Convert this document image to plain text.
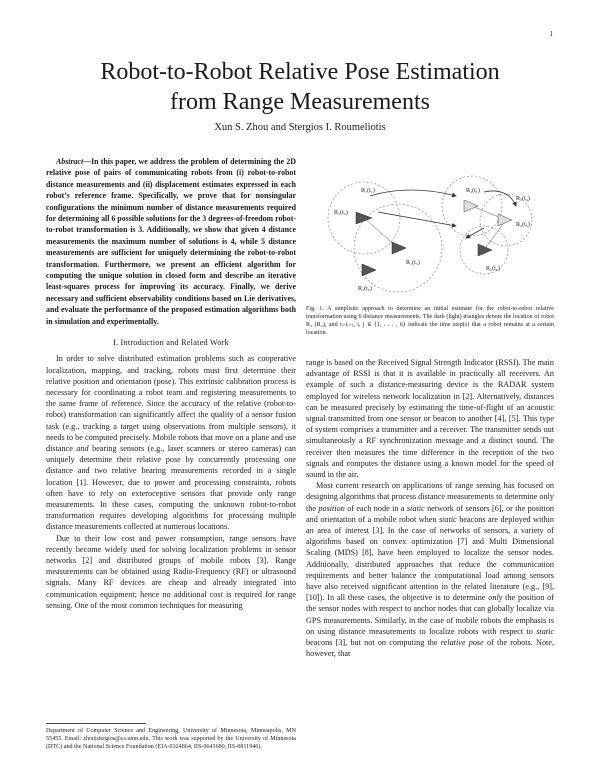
1
Robot-to-Robot Relative Pose Estimation
from Range Measurements
Xun S. Zhou and Stergios I. Roumeliotis

Abstract—In this paper, we address the problem of determining the 2D relative pose of pairs of communicating robots from (i) robot-to-robot distance measurements and (ii) displacement estimates expressed in each robot’s reference frame. Specifically, we prove that for nonsingular configurations the minimum number of distance measurements required for determining all 6 possible solutions for the 3 degrees-of-freedom robot-to-robot transformation is 3. Additionally, we show that given 4 distance measurements the maximum number of solutions is 4, while 5 distance measurements are sufficient for uniquely determining the robot-to-robot transformation. Furthermore, we present an efficient algorithm for computing the unique solution in closed form and describe an iterative least-squares process for improving its accuracy. Finally, we derive necessary and sufficient observability conditions based on Lie derivatives, and evaluate the performance of the proposed estimation algorithms both in simulation and experimentally.

I. Introduction and Related Work

In order to solve distributed estimation problems such as cooperative localization, mapping, and tracking, robots must first determine their relative position and orientation (pose). This extrinsic calibration process is necessary for coordinating a robot team and registering measurements to the same frame of reference. Since the accuracy of the relative (robot-to-robot) transformation can significantly affect the quality of a sensor fusion task (e.g., tracking a target using observations from multiple sensors), it needs to be computed precisely. Mobile robots that move on a plane and use distance and bearing sensors (e.g., laser scanners or stereo cameras) can uniquely determine their relative pose by concurrently processing one distance and two relative bearing measurements recorded in a single location [1]. However, due to power and processing constraints, robots often have to rely on exteroceptive sensors that provide only range measurements. In these cases, computing the unknown robot-to-robot transformation requires developing algorithms for processing multiple distance measurements collected at numerous locations.

Due to their low cost and power consumption, range sensors have recently become widely used for solving localization problems in sensor networks [2] and distributed groups of mobile robots [3]. Range measurements can be obtained using Radio-Frequency (RF) or ultrasound signals. Many RF devices are cheap and already integrated into communication equipment; hence no additional cost is required for range sensing. One of the most common techniques for measuring

Department of Computer Science and Engineering, University of Minnesota, Minneapolis, MN 55455. Email: zhou|stergios@cs.umn.edu. This work was supported by the University of Minnesota (DTC) and the National Science Foundation (EIA-0324864, IIS-0643680, IIS-0811946).
R₁(t₁)
R₁(t₂)
R₁(t₃)
R₁(t₆)
R₂(t₁)
R₂(t₄)
R₂(t₅)
R₂(t₆)
Fig. 1. A simplistic approach to determine an initial estimate for the robot-to-robot relative transformation using 6 distance measurements. The dark (light) triangles denote the location of robot R₁ (R₂), and tᵢ–tᵢ₊ⱼ, i, j ∈ {1, . . . , 6} indicate the time step(s) that a robot remains at a certain location.

range is based on the Received Signal Strength Indicator (RSSI). The main advantage of RSSI is that it is available in practically all receivers. An example of such a distance-measuring device is the RADAR system employed for wireless network localization in [2]. Alternatively, distances can be measured precisely by estimating the time-of-flight of an acoustic signal transmitted from one sensor or beacon to another [4], [5]. This type of system comprises a transmitter and a receiver. The transmitter sends out simultaneously a RF synchronization message and a distinct sound. The receiver then measures the time difference in the reception of the two signals and computes the distance using a known model for the speed of sound in the air.

Most current research on applications of range sensing has focused on designing algorithms that process distance measurements to determine only the position of each node in a static network of sensors [6], or the position and orientation of a mobile robot when static beacons are deployed within an area of interest [3]. In the case of networks of sensors, a variety of algorithms based on convex optimization [7] and Multi Dimensional Scaling (MDS) [8], have been employed to localize the sensor nodes. Additionally, distributed approaches that reduce the communication requirements and better balance the computational load among sensors have also received significant attention in the related literature (e.g., [9], [10]). In all these cases, the objective is to determine only the position of the sensor nodes with respect to anchor nodes that can globally localize via GPS measurements. Similarly, in the case of mobile robots the emphasis is on using distance measurements to localize robots with respect to static beacons [3], but not on computing the relative pose of the robots. Note, however, that
